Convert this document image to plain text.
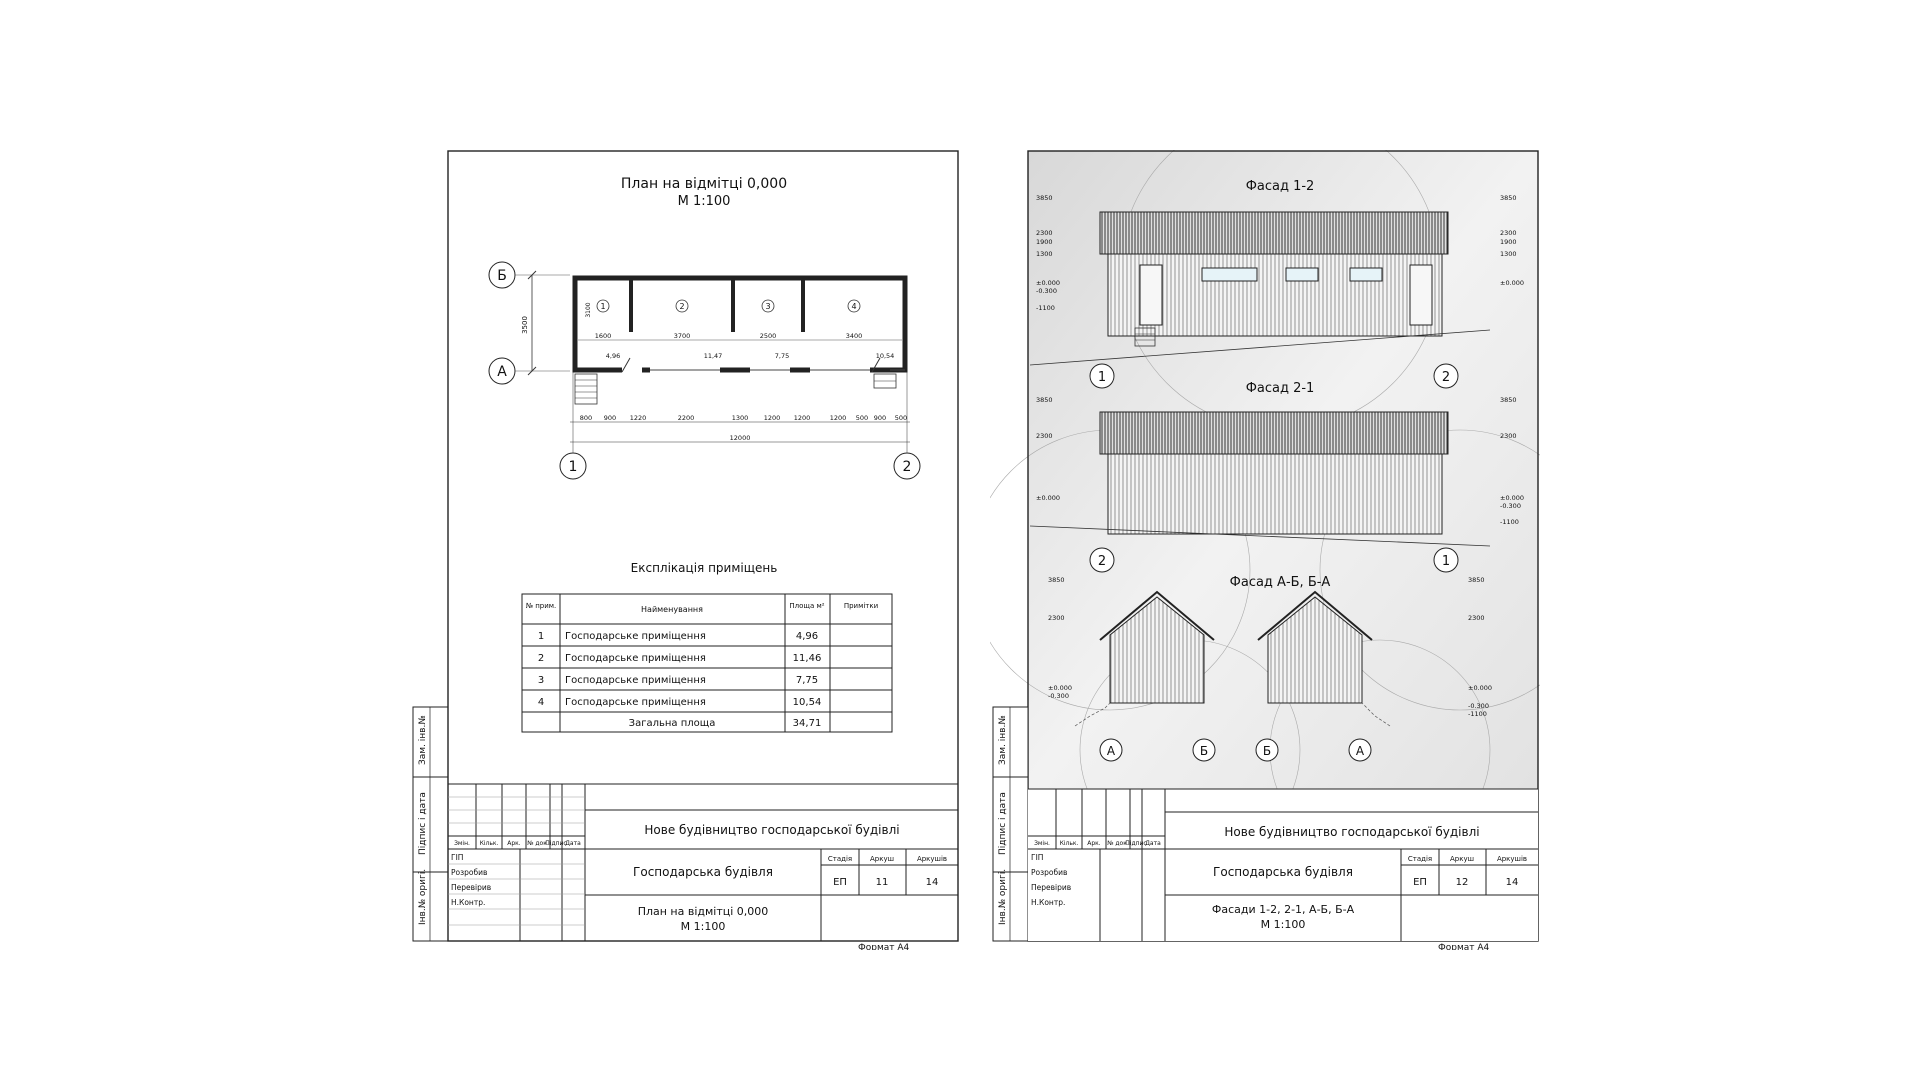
Інв.№ оригі.
Підпис і дата
Зам. інв.№
План на відмітці 0,000
М 1:100
Б
А
1	2
3500
1	2	3	4
3100
1600	3700	2500	3400
4,96	11,47	7,75	10,54
800 900 1220	2200	1300 1200 1200	1200 500 900 500
12000
Експлікація приміщень
№ прим.	Найменування	Площа м²	Примітки
1 Господарське приміщення	4,96
2 Господарське приміщення	11,46
3 Господарське приміщення	7,75
4 Господарське приміщення	10,54
Загальна площа	34,71
Змін. Кільк. Арк. № док.
Підпис
Дата
ГІП
Розробив
Перевірив
Н.Контр.
Нове будівництво господарської будівлі
Господарська будівля
План на відмітці 0,000
М 1:100
Стадія	Аркуш	Аркушів
ЕП	11	14
Формат А4
Інв.№ оригі.
Підпис і дата
Зам. інв.№
Фасад 1-2
3850
2300
1900
1300
±0.000
-0.300
-1100
3850
2300
1900
1300
±0.000
1	2
Фасад 2-1
3850
2300
±0.000
3850
2300
±0.000
-0.300
-1100
2	1
Фасад А-Б, Б-А
3850
2300
±0.000
-0.300
3850
2300
±0.000
-0.300
-1100
А	Б	Б	А
Змін. Кільк. Арк. № док.
Підпис
Дата
ГІП
Розробив
Перевірив
Н.Контр.
Нове будівництво господарської будівлі
Господарська будівля
Фасади 1-2, 2-1, А-Б, Б-А
М 1:100
Стадія	Аркуш	Аркушів
ЕП	12	14
Формат А4
